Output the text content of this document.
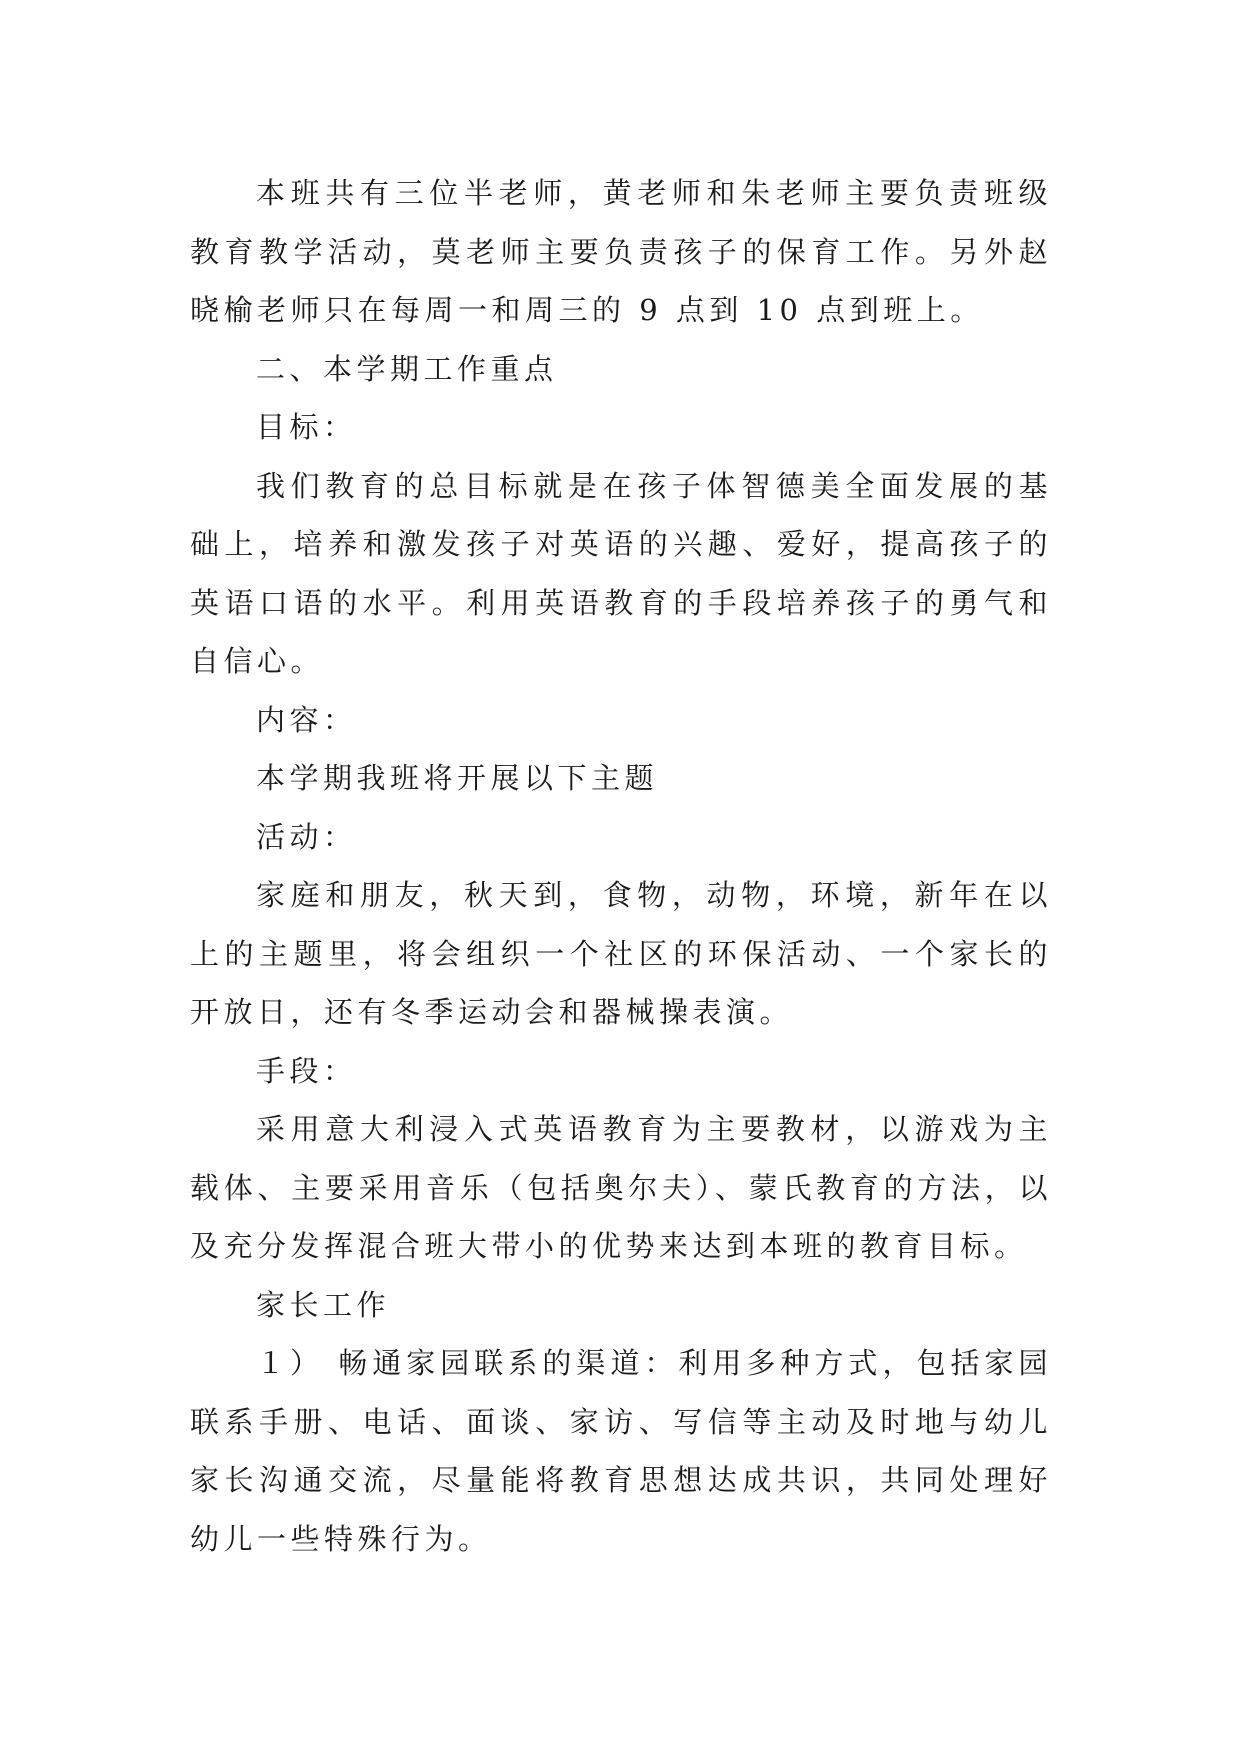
本班共有三位半老师，黄老师和朱老师主要负责班级教育教学活动，莫老师主要负责孩子的保育工作。另外赵晓榆老师只在每周一和周三的 9 点到 10 点到班上。

二、本学期工作重点

目标：

我们教育的总目标就是在孩子体智德美全面发展的基础上，培养和激发孩子对英语的兴趣、爱好，提高孩子的英语口语的水平。利用英语教育的手段培养孩子的勇气和自信心。

内容：

本学期我班将开展以下主题

活动：

家庭和朋友，秋天到，食物，动物，环境，新年在以上的主题里，将会组织一个社区的环保活动、一个家长的开放日，还有冬季运动会和器械操表演。

手段：

采用意大利浸入式英语教育为主要教材，以游戏为主载体、主要采用音乐（包括奥尔夫）、蒙氏教育的方法，以及充分发挥混合班大带小的优势来达到本班的教育目标。

家长工作

１） 畅通家园联系的渠道：利用多种方式，包括家园联系手册、电话、面谈、家访、写信等主动及时地与幼儿家长沟通交流，尽量能将教育思想达成共识，共同处理好幼儿一些特殊行为。
